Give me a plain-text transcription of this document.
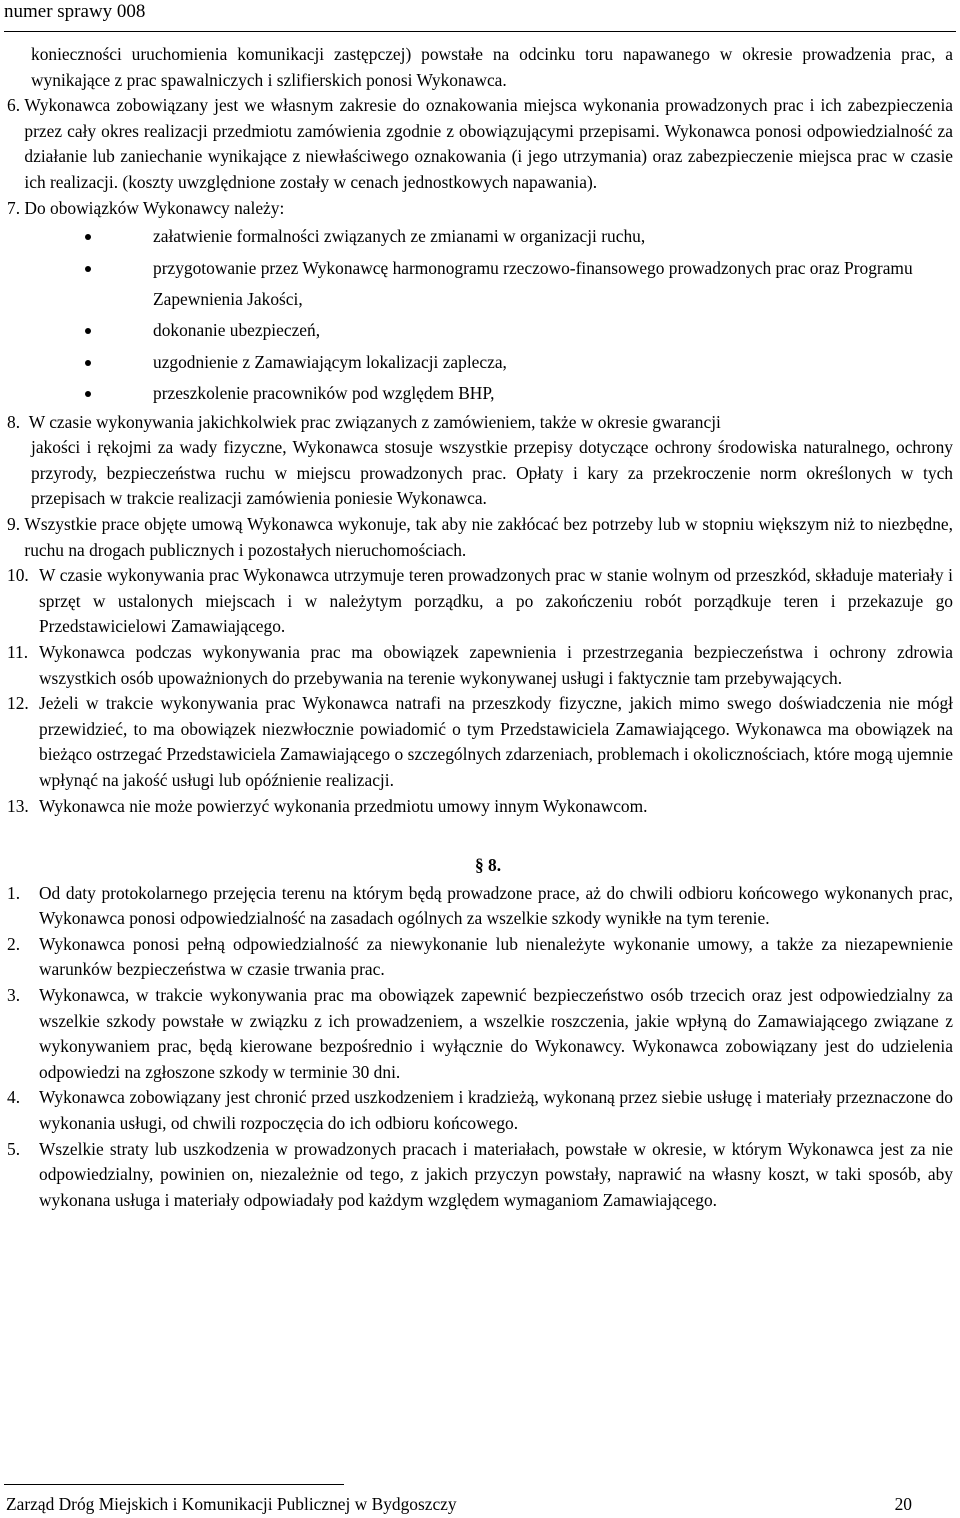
numer sprawy 008

konieczności uruchomienia komunikacji zastępczej) powstałe na odcinku toru napawanego w okresie prowadzenia prac, a wynikające z prac spawalniczych i szlifierskich ponosi Wykonawca.

6.
Wykonawca zobowiązany jest we własnym zakresie do oznakowania miejsca wykonania prowadzonych prac i ich zabezpieczenia przez cały okres realizacji przedmiotu zamówienia zgodnie z obowiązującymi przepisami. Wykonawca ponosi odpowiedzialność za działanie lub zaniechanie wynikające z niewłaściwego oznakowania (i jego utrzymania) oraz zabezpieczenie miejsca prac w czasie ich realizacji. (koszty uwzględnione zostały w cenach jednostkowych napawania).
7.
Do obowiązków Wykonawcy należy:
załatwienie formalności związanych ze zmianami w organizacji ruchu,
przygotowanie przez Wykonawcę harmonogramu rzeczowo-finansowego prowadzonych prac oraz Programu Zapewnienia Jakości,
dokonanie ubezpieczeń,
uzgodnienie z Zamawiającym lokalizacji zaplecza,
przeszkolenie pracowników pod względem BHP,
8.
W czasie wykonywania jakichkolwiek prac związanych z zamówieniem, także w okresie gwarancji

jakości i rękojmi za wady fizyczne, Wykonawca stosuje wszystkie przepisy dotyczące ochrony środowiska naturalnego, ochrony przyrody, bezpieczeństwa ruchu w miejscu prowadzonych prac. Opłaty i kary za przekroczenie norm określonych w tych przepisach w trakcie realizacji zamówienia poniesie Wykonawca.

9.
Wszystkie prace objęte umową Wykonawca wykonuje, tak aby nie zakłócać bez potrzeby lub w stopniu większym niż to niezbędne, ruchu na drogach publicznych i pozostałych nieruchomościach.
10. W czasie wykonywania prac Wykonawca utrzymuje teren prowadzonych prac w stanie wolnym od przeszkód, składuje materiały i sprzęt w ustalonych miejscach i w należytym porządku, a po zakończeniu robót porządkuje teren i przekazuje go Przedstawicielowi Zamawiającego.
11. Wykonawca podczas wykonywania prac ma obowiązek zapewnienia i przestrzegania bezpieczeństwa i ochrony zdrowia wszystkich osób upoważnionych do przebywania na terenie wykonywanej usługi i faktycznie tam przebywających.
12. Jeżeli w trakcie wykonywania prac Wykonawca natrafi na przeszkody fizyczne, jakich mimo swego doświadczenia nie mógł przewidzieć, to ma obowiązek niezwłocznie powiadomić o tym Przedstawiciela Zamawiającego. Wykonawca ma obowiązek na bieżąco ostrzegać Przedstawiciela Zamawiającego o szczególnych zdarzeniach, problemach i okolicznościach, które mogą ujemnie wpłynąć na jakość usługi lub opóźnienie realizacji.
13. Wykonawca nie może powierzyć wykonania przedmiotu umowy innym Wykonawcom.
§ 8.
1.	Od daty protokolarnego przejęcia terenu na którym będą prowadzone prace, aż do chwili odbioru końcowego wykonanych prac, Wykonawca ponosi odpowiedzialność na zasadach ogólnych za wszelkie szkody wynikłe na tym terenie.
2.	Wykonawca ponosi pełną odpowiedzialność za niewykonanie lub nienależyte wykonanie umowy, a także za niezapewnienie warunków bezpieczeństwa w czasie trwania prac.
3.	Wykonawca, w trakcie wykonywania prac ma obowiązek zapewnić bezpieczeństwo osób trzecich oraz jest odpowiedzialny za wszelkie szkody powstałe w związku z ich prowadzeniem, a wszelkie roszczenia, jakie wpłyną do Zamawiającego związane z wykonywaniem prac, będą kierowane bezpośrednio i wyłącznie do Wykonawcy. Wykonawca zobowiązany jest do udzielenia odpowiedzi na zgłoszone szkody w terminie 30 dni.
4.	Wykonawca zobowiązany jest chronić przed uszkodzeniem i kradzieżą, wykonaną przez siebie usługę i materiały przeznaczone do wykonania usługi, od chwili rozpoczęcia do ich odbioru końcowego.
5.	Wszelkie straty lub uszkodzenia w prowadzonych pracach i materiałach, powstałe w okresie, w którym Wykonawca jest za nie odpowiedzialny, powinien on, niezależnie od tego, z jakich przyczyn powstały, naprawić na własny koszt, w taki sposób, aby wykonana usługa i materiały odpowiadały pod każdym względem wymaganiom Zamawiającego.
Zarząd Dróg Miejskich i Komunikacji Publicznej w Bydgoszczy	20
